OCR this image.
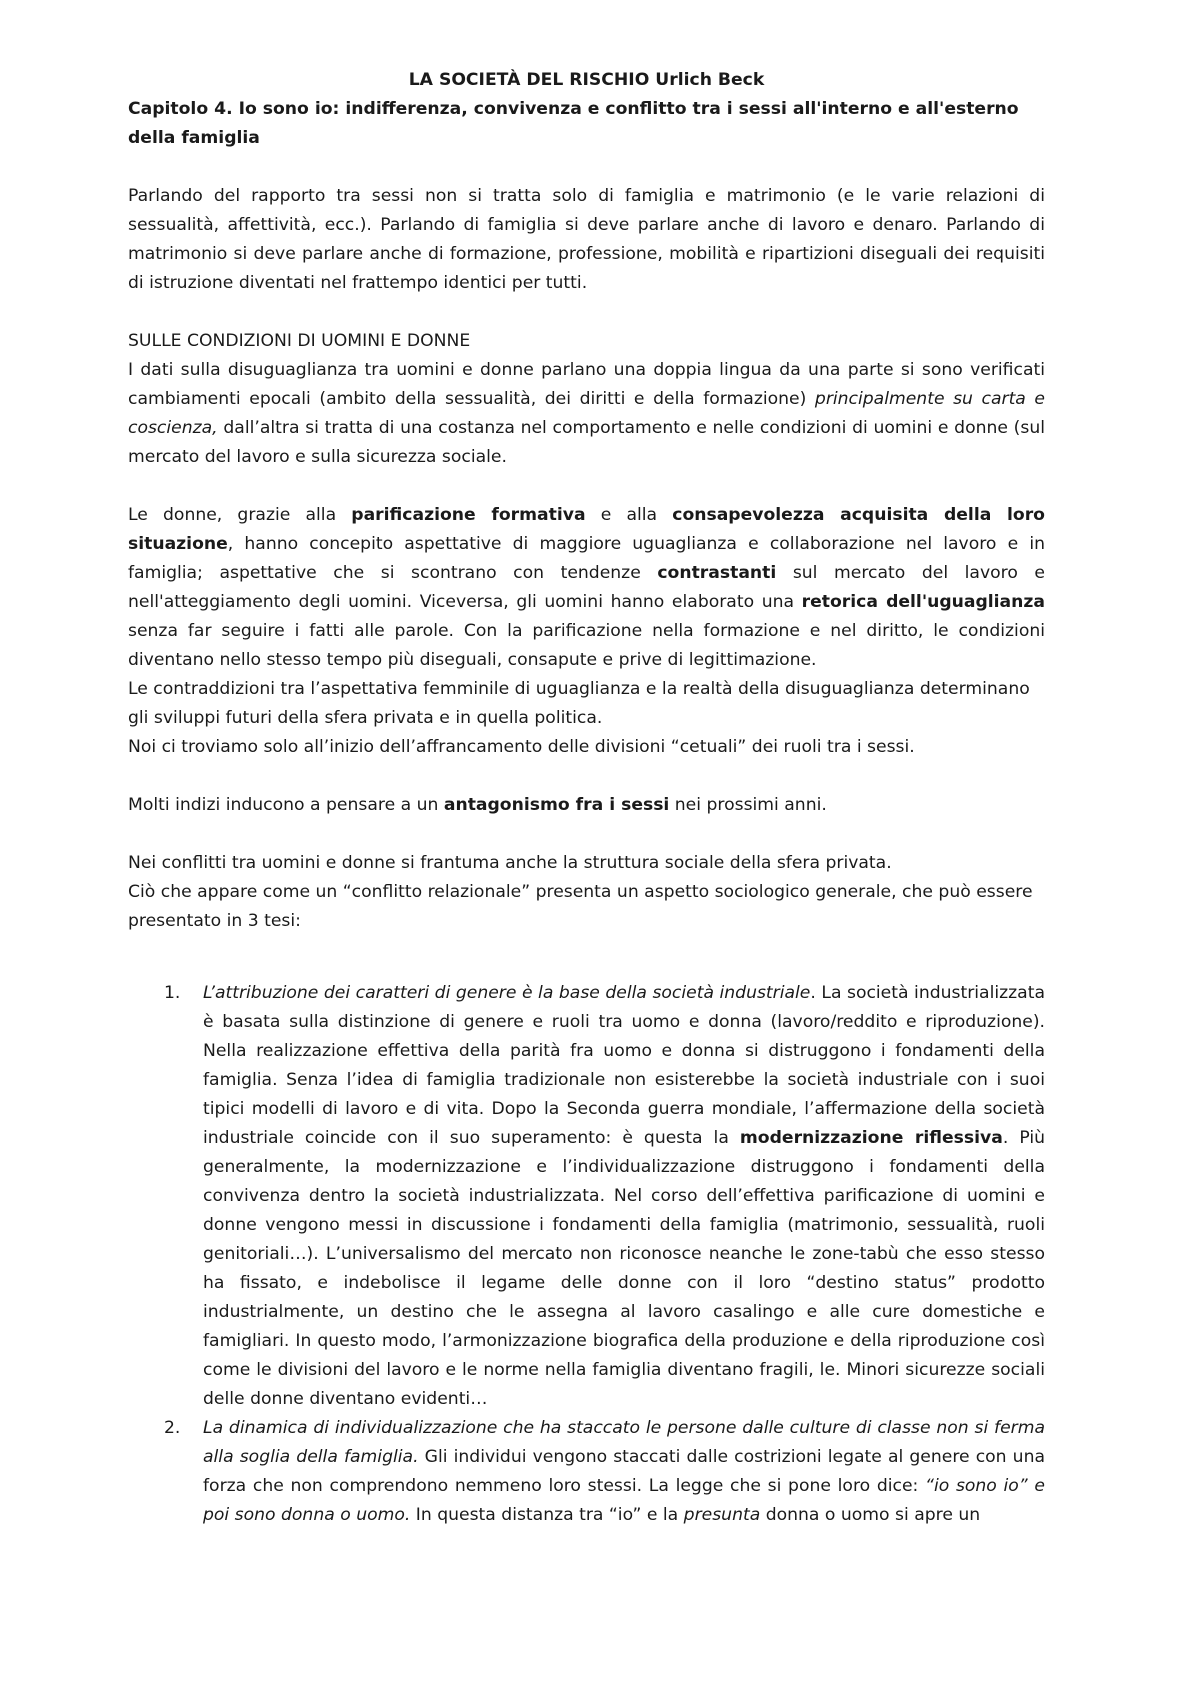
LA SOCIETÀ DEL RISCHIO Urlich Beck

Capitolo 4. Io sono io: indifferenza, convivenza e conflitto tra i sessi all'interno e all'esterno della famiglia

Parlando del rapporto tra sessi non si tratta solo di famiglia e matrimonio (e le varie relazioni di sessualità, affettività, ecc.). Parlando di famiglia si deve parlare anche di lavoro e denaro. Parlando di matrimonio si deve parlare anche di formazione, professione, mobilità e ripartizioni diseguali dei requisiti di istruzione diventati nel frattempo identici per tutti.

SULLE CONDIZIONI DI UOMINI E DONNE

I dati sulla disuguaglianza tra uomini e donne parlano una doppia lingua da una parte si sono verificati cambiamenti epocali (ambito della sessualità, dei diritti e della formazione) principalmente su carta e coscienza, dall’altra si tratta di una costanza nel comportamento e nelle condizioni di uomini e donne (sul mercato del lavoro e sulla sicurezza sociale.

Le donne, grazie alla parificazione formativa e alla consapevolezza acquisita della loro situazione, hanno concepito aspettative di maggiore uguaglianza e collaborazione nel lavoro e in famiglia; aspettative che si scontrano con tendenze contrastanti sul mercato del lavoro e nell'atteggiamento degli uomini. Viceversa, gli uomini hanno elaborato una retorica dell'uguaglianza senza far seguire i fatti alle parole. Con la parificazione nella formazione e nel diritto, le condizioni diventano nello stesso tempo più diseguali, consapute e prive di legittimazione.

Le contraddizioni tra l’aspettativa femminile di uguaglianza e la realtà della disuguaglianza determinano gli sviluppi futuri della sfera privata e in quella politica.

Noi ci troviamo solo all’inizio dell’affrancamento delle divisioni “cetuali” dei ruoli tra i sessi.

Molti indizi inducono a pensare a un antagonismo fra i sessi nei prossimi anni.

Nei conflitti tra uomini e donne si frantuma anche la struttura sociale della sfera privata.

Ciò che appare come un “conflitto relazionale” presenta un aspetto sociologico generale, che può essere presentato in 3 tesi:

1. L’attribuzione dei caratteri di genere è la base della società industriale. La società industrializzata è basata sulla distinzione di genere e ruoli tra uomo e donna (lavoro/reddito e riproduzione). Nella realizzazione effettiva della parità fra uomo e donna si distruggono i fondamenti della famiglia. Senza l’idea di famiglia tradizionale non esisterebbe la società industriale con i suoi tipici modelli di lavoro e di vita. Dopo la Seconda guerra mondiale, l’affermazione della società industriale coincide con il suo superamento: è questa la modernizzazione riflessiva. Più generalmente, la modernizzazione e l’individualizzazione distruggono i fondamenti della convivenza dentro la società industrializzata. Nel corso dell’effettiva parificazione di uomini e donne vengono messi in discussione i fondamenti della famiglia (matrimonio, sessualità, ruoli genitoriali…). L’universalismo del mercato non riconosce neanche le zone-tabù che esso stesso ha fissato, e indebolisce il legame delle donne con il loro “destino status” prodotto industrialmente, un destino che le assegna al lavoro casalingo e alle cure domestiche e famigliari. In questo modo, l’armonizzazione biografica della produzione e della riproduzione così come le divisioni del lavoro e le norme nella famiglia diventano fragili, le. Minori sicurezze sociali delle donne diventano evidenti…
2. La dinamica di individualizzazione che ha staccato le persone dalle culture di classe non si ferma alla soglia della famiglia. Gli individui vengono staccati dalle costrizioni legate al genere con una forza che non comprendono nemmeno loro stessi. La legge che si pone loro dice: “io sono io” e poi sono donna o uomo. In questa distanza tra “io” e la presunta donna o uomo si apre un
